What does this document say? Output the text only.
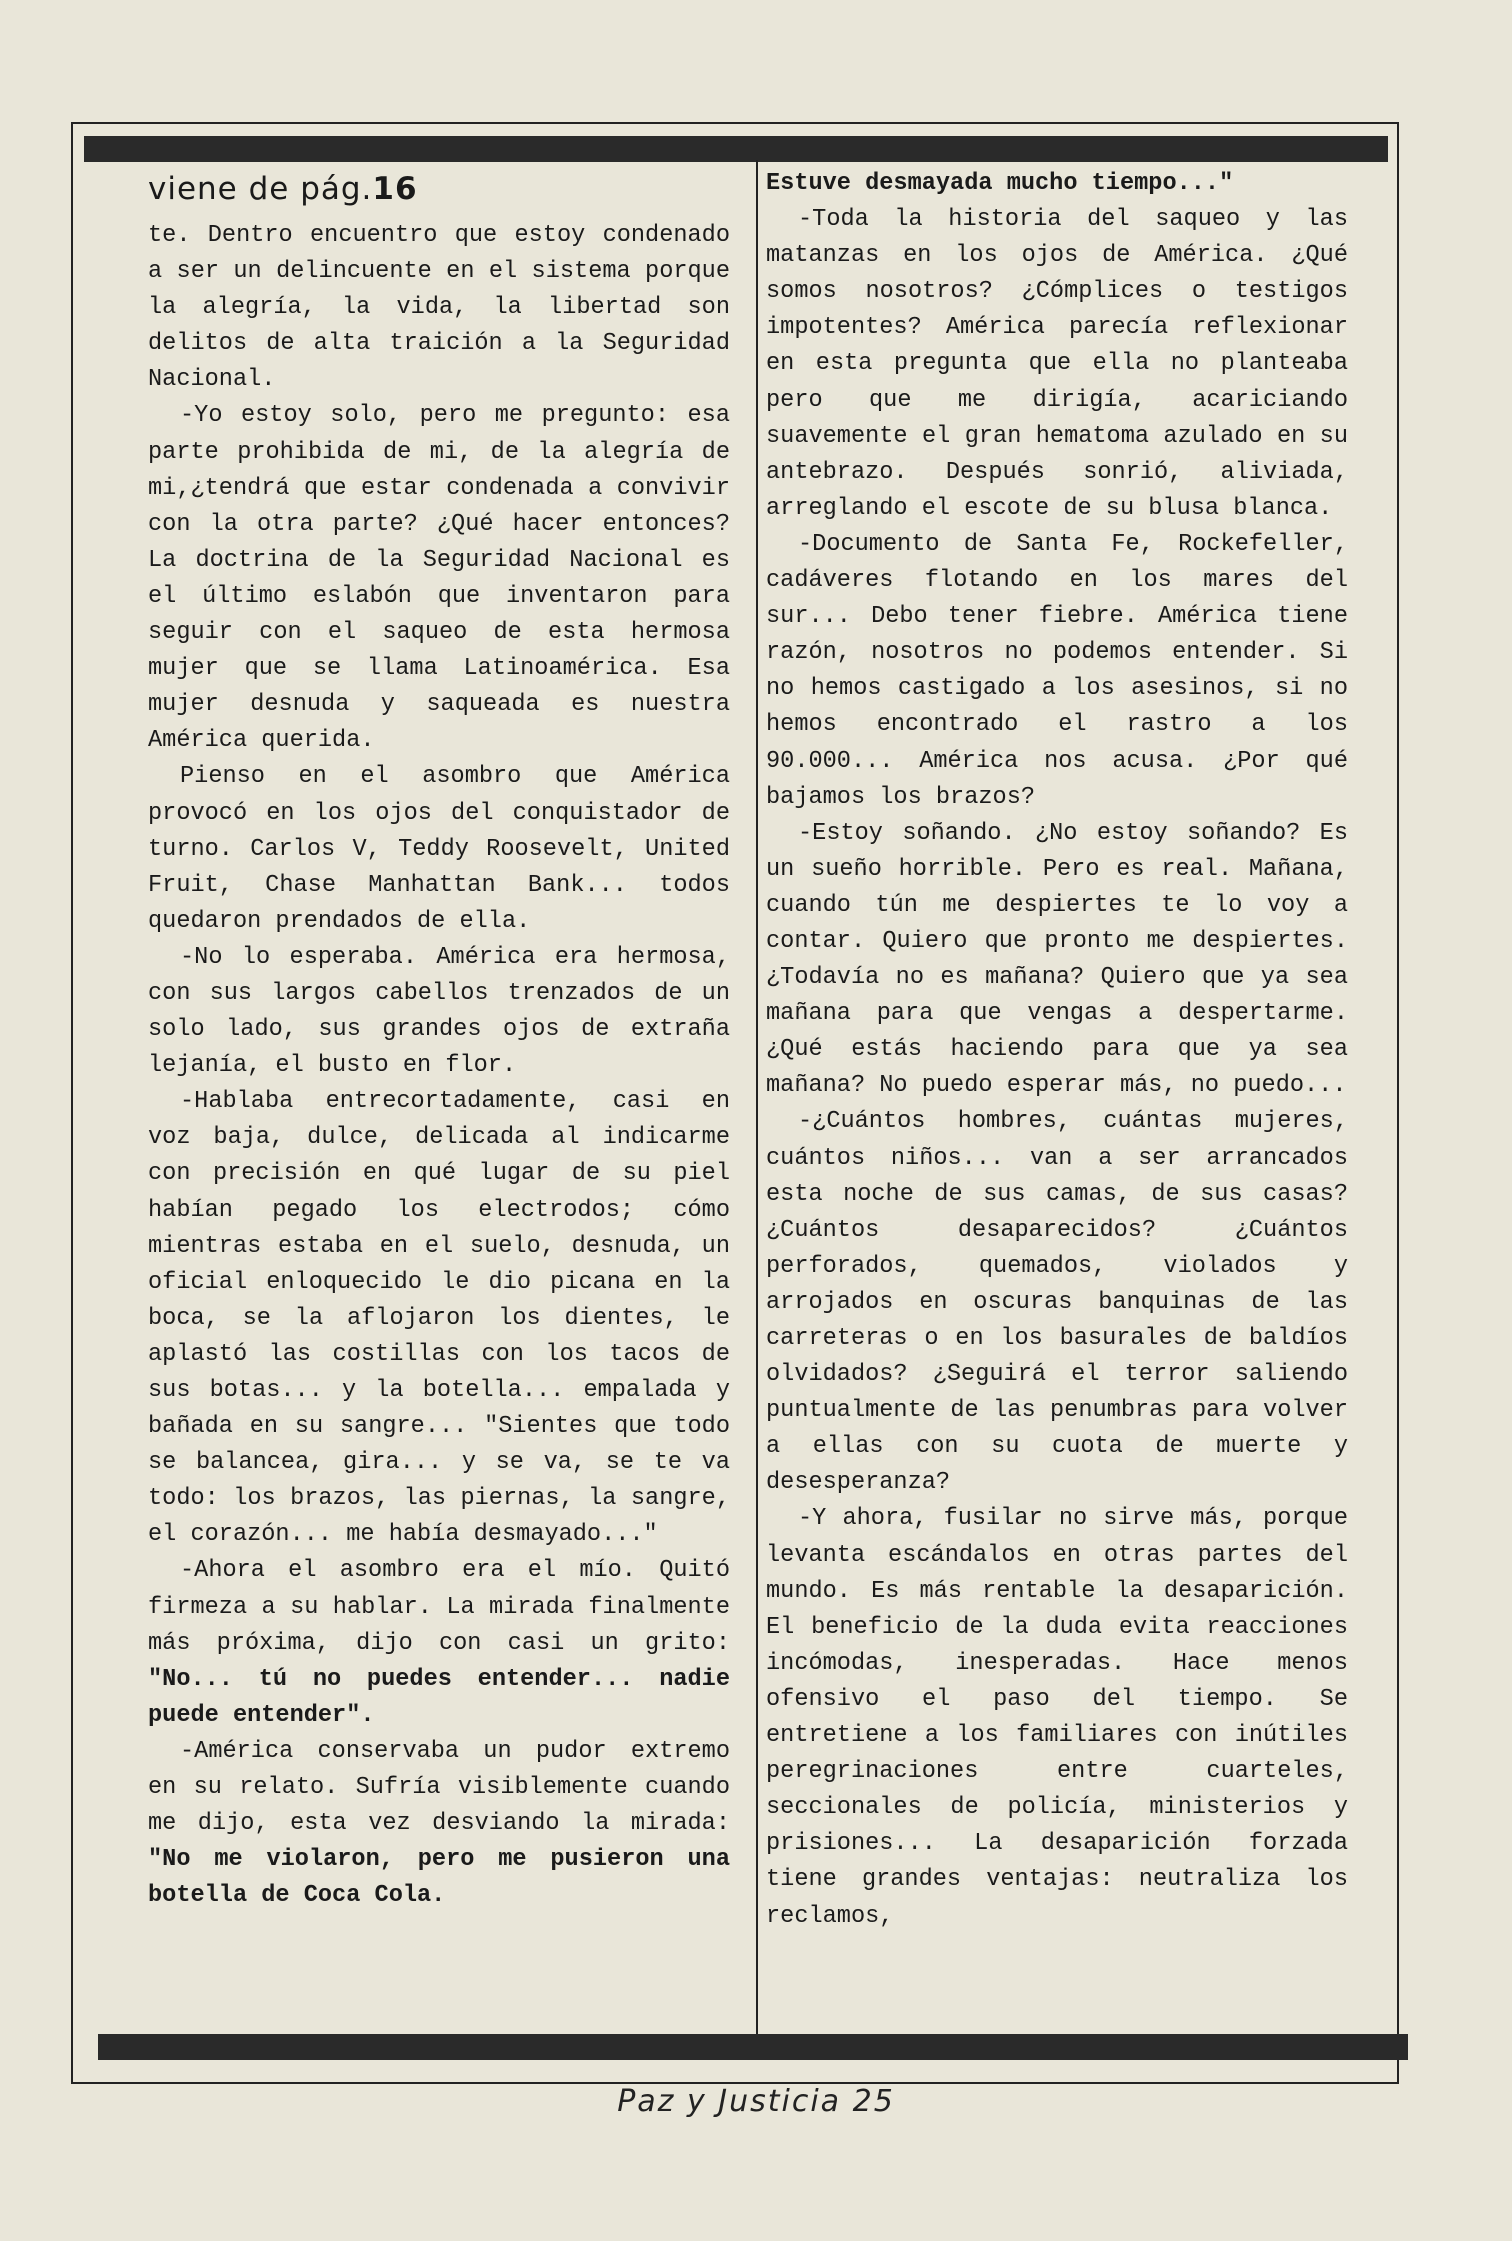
viene de pág.16

te. Dentro encuentro que estoy condenado a ser un delincuente en el sistema porque la alegría, la vida, la libertad son delitos de alta traición a la Seguridad Nacional.

-Yo estoy solo, pero me pregunto: esa parte prohibida de mi, de la alegría de mi,¿tendrá que estar condenada a convivir con la otra parte? ¿Qué hacer entonces? La doctrina de la Seguridad Nacional es el último eslabón que inventaron para seguir con el saqueo de esta hermosa mujer que se llama Latinoamérica. Esa mujer desnuda y saqueada es nuestra América querida.

Pienso en el asombro que América provocó en los ojos del conquistador de turno. Carlos V, Teddy Roosevelt, United Fruit, Chase Manhattan Bank... todos quedaron prendados de ella.

-No lo esperaba. América era hermosa, con sus largos cabellos trenzados de un solo lado, sus grandes ojos de extraña lejanía, el busto en flor.

-Hablaba entrecortadamente, casi en voz baja, dulce, delicada al indicarme con precisión en qué lugar de su piel habían pegado los electrodos; cómo mientras estaba en el suelo, desnuda, un oficial enloquecido le dio picana en la boca, se la aflojaron los dientes, le aplastó las costillas con los tacos de sus botas... y la botella... empalada y bañada en su sangre... "Sientes que todo se balancea, gira... y se va, se te va todo: los brazos, las piernas, la sangre, el corazón... me había desmayado..."

-Ahora el asombro era el mío. Quitó firmeza a su hablar. La mirada finalmente más próxima, dijo con casi un grito: "No... tú no puedes entender... nadie puede entender".

-América conservaba un pudor extremo en su relato. Sufría visiblemente cuando me dijo, esta vez desviando la mirada: "No me violaron, pero me pusieron una botella de Coca Cola.

Estuve desmayada mucho tiempo..."

-Toda la historia del saqueo y las matanzas en los ojos de América. ¿Qué somos nosotros? ¿Cómplices o testigos impotentes? América parecía reflexionar en esta pregunta que ella no planteaba pero que me dirigía, acariciando suavemente el gran hematoma azulado en su antebrazo. Después sonrió, aliviada, arreglando el escote de su blusa blanca.

-Documento de Santa Fe, Rockefeller, cadáveres flotando en los mares del sur... Debo tener fiebre. América tiene razón, nosotros no podemos entender. Si no hemos castigado a los asesinos, si no hemos encontrado el rastro a los 90.000... América nos acusa. ¿Por qué bajamos los brazos?

-Estoy soñando. ¿No estoy soñando? Es un sueño horrible. Pero es real. Mañana, cuando tún me despiertes te lo voy a contar. Quiero que pronto me despiertes. ¿Todavía no es mañana? Quiero que ya sea mañana para que vengas a despertarme. ¿Qué estás haciendo para que ya sea mañana? No puedo esperar más, no puedo...

-¿Cuántos hombres, cuántas mujeres, cuántos niños... van a ser arrancados esta noche de sus camas, de sus casas? ¿Cuántos desaparecidos? ¿Cuántos perforados, quemados, violados y arrojados en oscuras banquinas de las carreteras o en los basurales de baldíos olvidados? ¿Seguirá el terror saliendo puntualmente de las penumbras para volver a ellas con su cuota de muerte y desesperanza?

-Y ahora, fusilar no sirve más, porque levanta escándalos en otras partes del mundo. Es más rentable la desaparición. El beneficio de la duda evita reacciones incómodas, inesperadas. Hace menos ofensivo el paso del tiempo. Se entretiene a los familiares con inútiles peregrinaciones entre cuarteles, seccionales de policía, ministerios y prisiones... La desaparición forzada tiene grandes ventajas: neutraliza los reclamos,

Paz y Justicia 25
